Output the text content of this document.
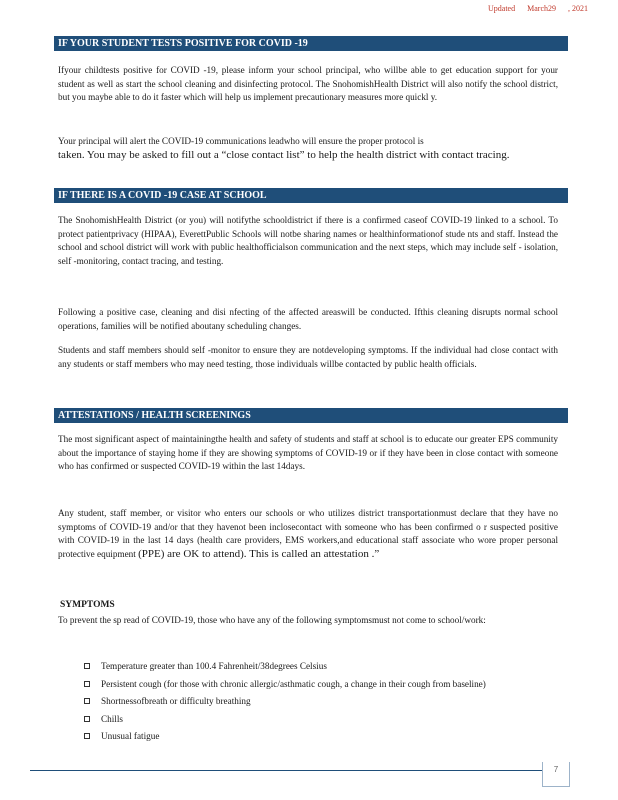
Updated March29 , 2021
IF YOUR STUDENT TESTS POSITIVE FOR COVID -19

Ifyour childtests positive for COVID -19, please inform your school principal, who willbe able to get education support for your student as well as start the school cleaning and disinfecting protocol. The SnohomishHealth District will also notify the school district, but you maybe able to do it faster which will help us implement precautionary measures more quickl y.

Your principal will alert the COVID-19 communications leadwho will ensure the proper protocol is
taken. You may be asked to fill out a “close contact list” to help the health district with contact tracing.

IF THERE IS A COVID -19 CASE AT SCHOOL

The SnohomishHealth District (or you) will notifythe schooldistrict if there is a confirmed caseof COVID-19 linked to a school. To protect patientprivacy (HIPAA), EverettPublic Schools will notbe sharing names or healthinformationof stude nts and staff. Instead the school and school district will work with public healthofficialson communication and the next steps, which may include self - isolation, self -monitoring, contact tracing, and testing.

Following a positive case, cleaning and disi nfecting of the affected areaswill be conducted. Ifthis cleaning disrupts normal school operations, families will be notified aboutany scheduling changes.

Students and staff members should self -monitor to ensure they are notdeveloping symptoms. If the individual had close contact with any students or staff members who may need testing, those individuals willbe contacted by public health officials.

ATTESTATIONS / HEALTH SCREENINGS

The most significant aspect of maintainingthe health and safety of students and staff at school is to educate our greater EPS community about the importance of staying home if they are showing symptoms of COVID-19 or if they have been in close contact with someone who has confirmed or suspected COVID-19 within the last 14days.

Any student, staff member, or visitor who enters our schools or who utilizes district transportationmust declare that they have no symptoms of COVID-19 and/or that they havenot been inclosecontact with someone who has been confirmed o r suspected positive with COVID-19 in the last 14 days (health care providers, EMS workers,and educational staff associate who wore proper personal protective equipment (PPE) are OK to attend). This is called an attestation .”

SYMPTOMS

To prevent the sp read of COVID-19, those who have any of the following symptomsmust not come to school/work:

Temperature greater than 100.4 Fahrenheit/38degrees Celsius
Persistent cough (for those with chronic allergic/asthmatic cough, a change in their cough from baseline)
Shortnessofbreath or difficulty breathing
Chills
Unusual fatigue
7
